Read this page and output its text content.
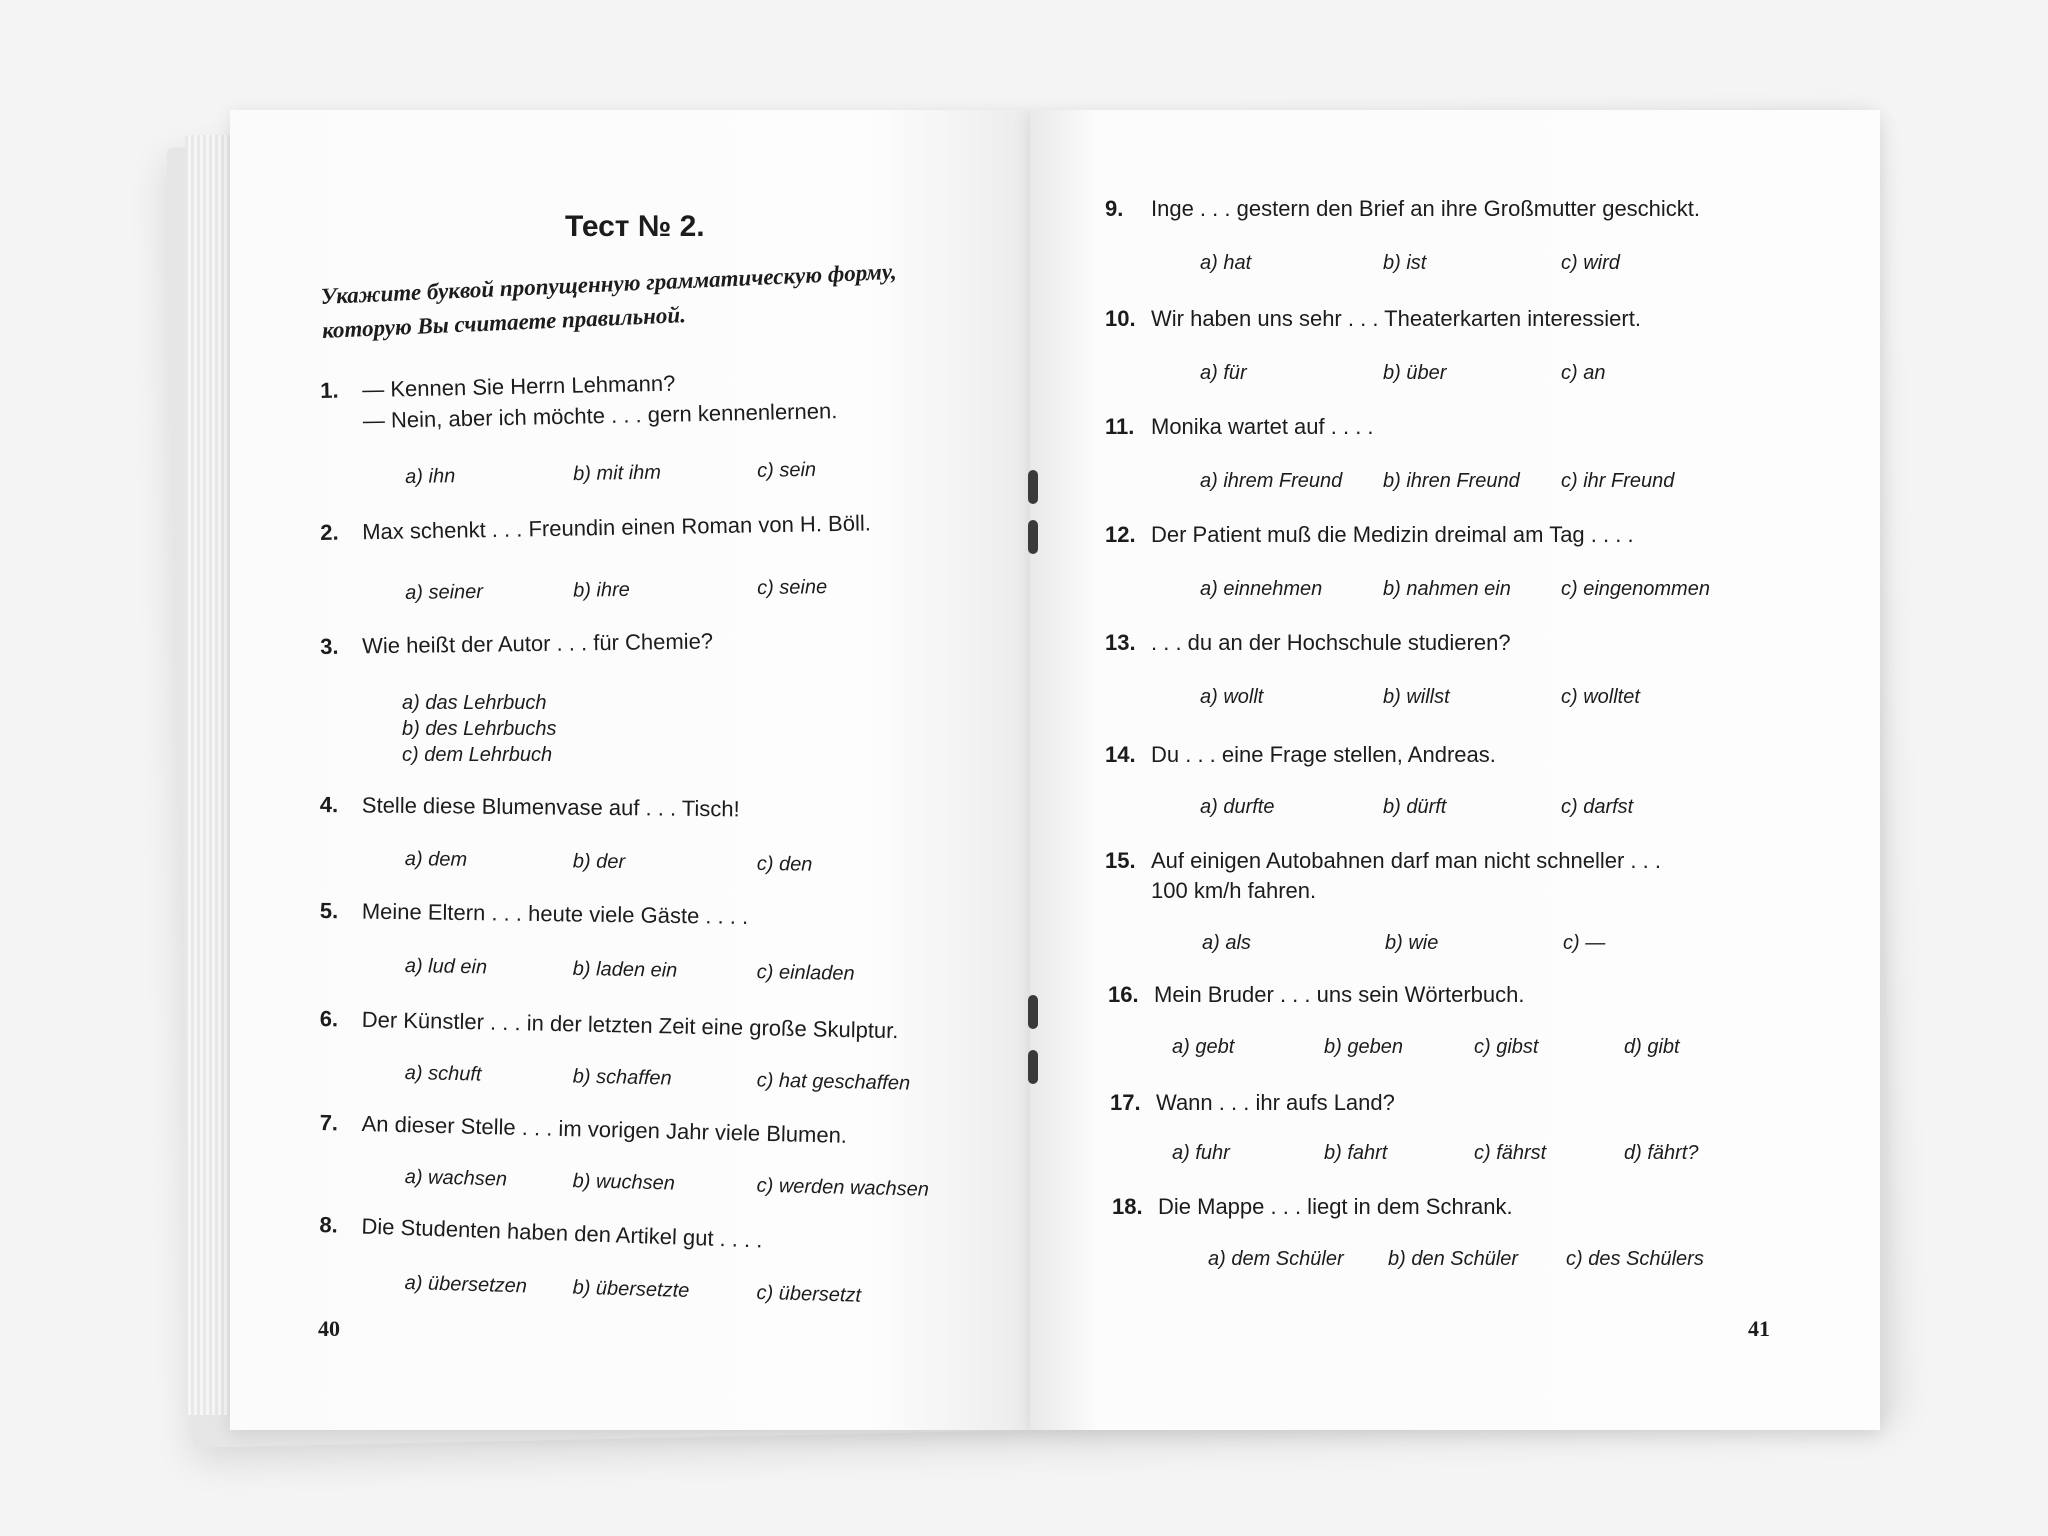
Тест № 2.
Укажите буквой пропущенную грамматическую форму, которую Вы считаете правильной.
1. — Kennen Sie Herrn Lehmann?
— Nein, aber ich möchte . . . gern kennenlernen.
a) ihn	b) mit ihm	c) sein
2. Max schenkt . . . Freundin einen Roman von H. Böll.
a) seiner	b) ihre	c) seine
3. Wie heißt der Autor . . . für Chemie?
a) das Lehrbuch
b) des Lehrbuchs
c) dem Lehrbuch
4. Stelle diese Blumenvase auf . . . Tisch!
a) dem	b) der	c) den
5. Meine Eltern . . . heute viele Gäste . . . .
a) lud ein	b) laden ein	c) einladen
6. Der Künstler . . . in der letzten Zeit eine große Skulptur.
a) schuft	b) schaffen	c) hat geschaffen
7. An dieser Stelle . . . im vorigen Jahr viele Blumen.
a) wachsen	b) wuchsen	c) werden wachsen
8. Die Studenten haben den Artikel gut . . . .
a) übersetzen b) übersetzte	c) übersetzt
40
9. Inge . . . gestern den Brief an ihre Großmutter geschickt.
a) hat	b) ist	c) wird
10. Wir haben uns sehr . . . Theaterkarten interessiert.
a) für	b) über	c) an
11. Monika wartet auf . . . .
a) ihrem Freund b) ihren Freund c) ihr Freund
12. Der Patient muß die Medizin dreimal am Tag . . . .
a) einnehmen	b) nahmen ein	c) eingenommen
13. . . . du an der Hochschule studieren?
a) wollt	b) willst	c) wolltet
14. Du . . . eine Frage stellen, Andreas.
a) durfte	b) dürft	c) darfst
15. Auf einigen Autobahnen darf man nicht schneller . . .
100 km/h fahren.
a) als	b) wie	c) —
16. Mein Bruder . . . uns sein Wörterbuch.
a) gebt	b) geben	c) gibst	d) gibt
17. Wann . . . ihr aufs Land?
a) fuhr	b) fahrt	c) fährst	d) fährt?
18. Die Mappe . . . liegt in dem Schrank.
a) dem Schüler b) den Schüler c) des Schülers
41
